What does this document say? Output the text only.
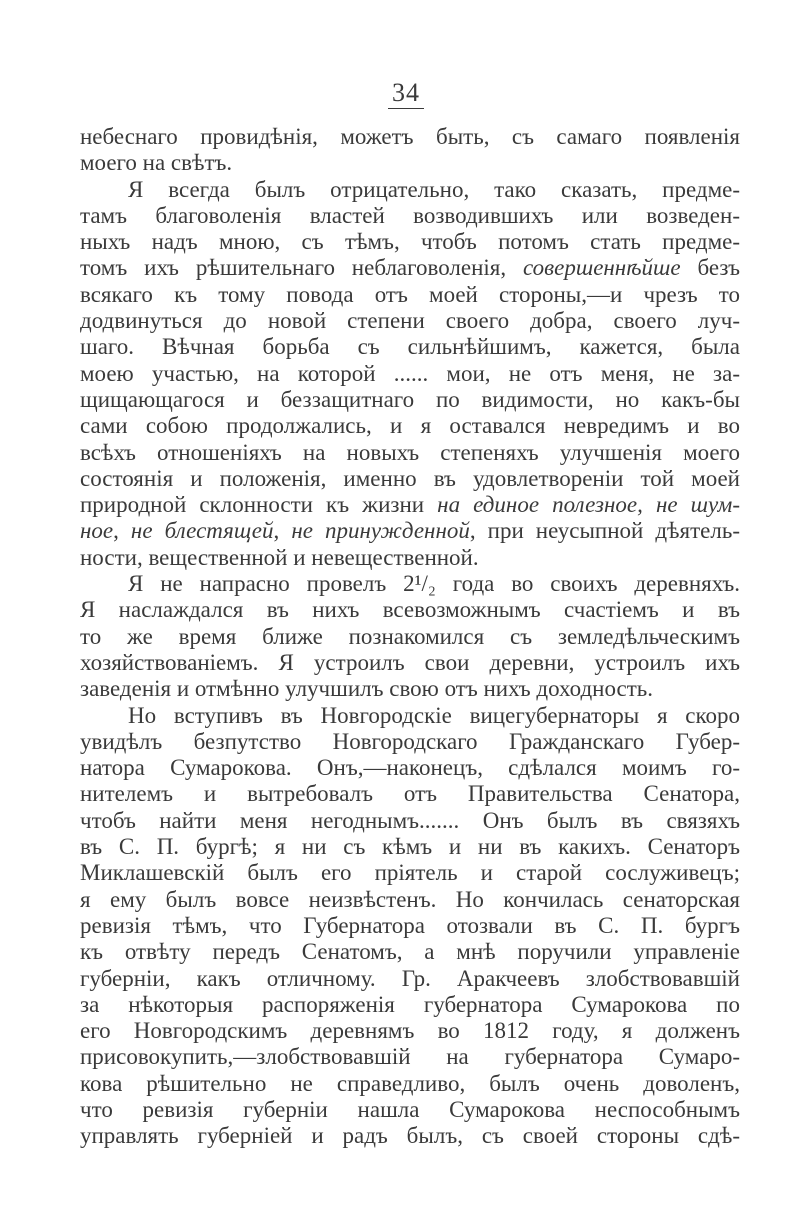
34
небеснаго провидѣнія, можетъ быть, съ самаго появленія
моего на свѣтъ.
Я всегда былъ отрицательно, тако сказать, предме-
тамъ благоволенія властей возводившихъ или возведен-
ныхъ надъ мною, съ тѣмъ, чтобъ потомъ стать предме-
томъ ихъ рѣшительнаго неблаговоленія, совершеннѣйше безъ
всякаго къ тому повода отъ моей стороны,—и чрезъ то
додвинуться до новой степени своего добра, своего луч-
шаго. Вѣчная борьба съ сильнѣйшимъ, кажется, была
моею участью, на которой ...... мои, не отъ меня, не за-
щищающагося и беззащитнаго по видимости, но какъ-бы
сами собою продолжались, и я оставался невредимъ и во
всѣхъ отношеніяхъ на новыхъ степеняхъ улучшенія моего
состоянія и положенія, именно въ удовлетвореніи той моей
природной склонности къ жизни на единое полезное, не шум-
ное, не блестящей, не принужденной, при неусыпной дѣятель-
ности, вещественной и невещественной.
Я не напрасно провелъ 2¹/₂ года во своихъ деревняхъ.
Я наслаждался въ нихъ всевозможнымъ счастіемъ и въ
то же время ближе познакомился съ земледѣльческимъ
хозяйствованіемъ. Я устроилъ свои деревни, устроилъ ихъ
заведенія и отмѣнно улучшилъ свою отъ нихъ доходность.
Но вступивъ въ Новгородскіе вицегубернаторы я скоро
увидѣлъ безпутство Новгородскаго Гражданскаго Губер-
натора Сумарокова. Онъ,—наконецъ, сдѣлался моимъ го-
нителемъ и вытребовалъ отъ Правительства Сенатора,
чтобъ найти меня негоднымъ....... Онъ былъ въ связяхъ
въ С. П. бургѣ; я ни съ кѣмъ и ни въ какихъ. Сенаторъ
Миклашевскій былъ его пріятель и старой сослуживецъ;
я ему былъ вовсе неизвѣстенъ. Но кончилась сенаторская
ревизія тѣмъ, что Губернатора отозвали въ С. П. бургъ
къ отвѣту передъ Сенатомъ, а мнѣ поручили управленіе
губерніи, какъ отличному. Гр. Аракчеевъ злобствовавшій
за нѣкоторыя распоряженія губернатора Сумарокова по
его Новгородскимъ деревнямъ во 1812 году, я долженъ
присовокупить,—злобствовавшій на губернатора Сумаро-
кова рѣшительно не справедливо, былъ очень доволенъ,
что ревизія губерніи нашла Сумарокова неспособнымъ
управлять губерніей и радъ былъ, съ своей стороны сдѣ-
